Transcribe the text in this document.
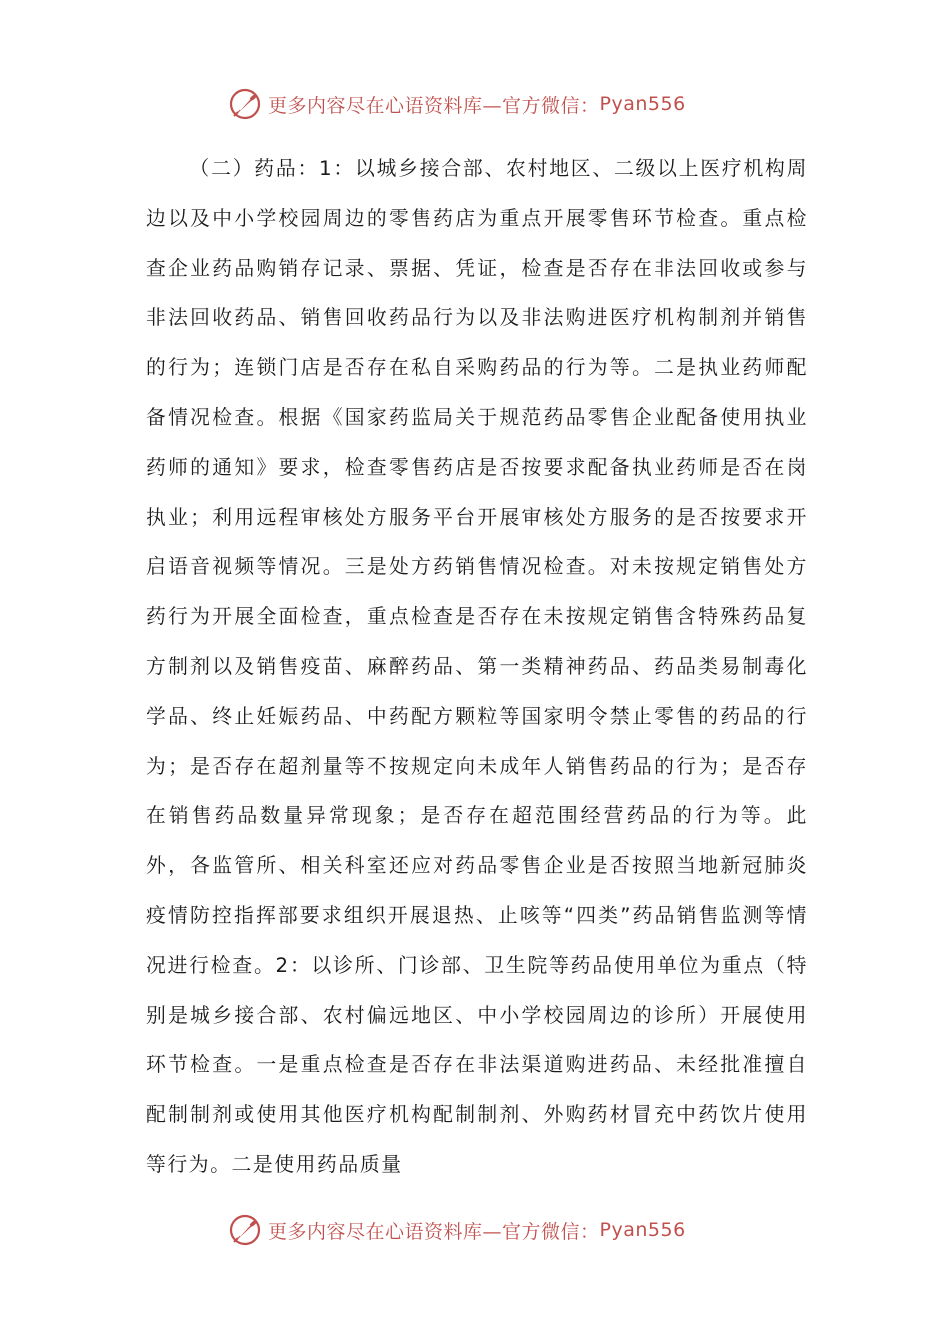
更多内容尽在心语资料库—官方微信： Pyan556

（二）药品：1：以城乡接合部、农村地区、二级以上医疗机构周边以及中小学校园周边的零售药店为重点开展零售环节检查。重点检查企业药品购销存记录、票据、凭证，检查是否存在非法回收或参与非法回收药品、销售回收药品行为以及非法购进医疗机构制剂并销售的行为；连锁门店是否存在私自采购药品的行为等。二是执业药师配备情况检查。根据《国家药监局关于规范药品零售企业配备使用执业药师的通知》要求，检查零售药店是否按要求配备执业药师是否在岗执业；利用远程审核处方服务平台开展审核处方服务的是否按要求开启语音视频等情况。三是处方药销售情况检查。对未按规定销售处方药行为开展全面检查，重点检查是否存在未按规定销售含特殊药品复方制剂以及销售疫苗、麻醉药品、第一类精神药品、药品类易制毒化学品、终止妊娠药品、中药配方颗粒等国家明令禁止零售的药品的行为；是否存在超剂量等不按规定向未成年人销售药品的行为；是否存在销售药品数量异常现象；是否存在超范围经营药品的行为等。此外，各监管所、相关科室还应对药品零售企业是否按照当地新冠肺炎疫情防控指挥部要求组织开展退热、止咳等“四类”药品销售监测等情况进行检查。2：以诊所、门诊部、卫生院等药品使用单位为重点（特别是城乡接合部、农村偏远地区、中小学校园周边的诊所）开展使用环节检查。一是重点检查是否存在非法渠道购进药品、未经批准擅自配制制剂或使用其他医疗机构配制制剂、外购药材冒充中药饮片使用等行为。二是使用药品质量

更多内容尽在心语资料库—官方微信： Pyan556
